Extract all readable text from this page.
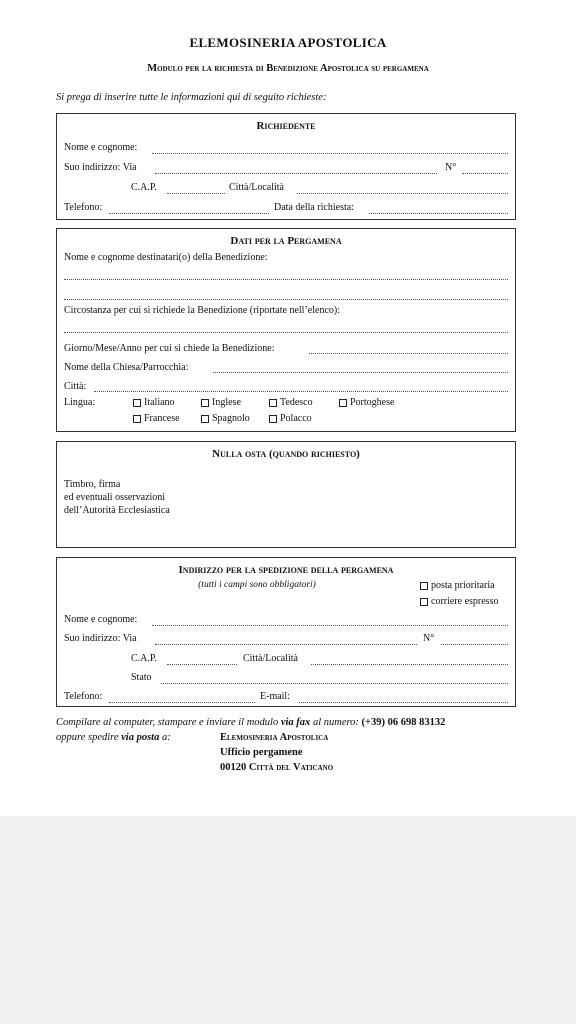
ELEMOSINERIA APOSTOLICA
Modulo per la richiesta di Benedizione Apostolica su pergamena
Si prega di inserire tutte le informazioni qui di seguito richieste:
Richiedente
Nome e cognome:
Suo indirizzo: Via	N°
C.A.P.	Città/Località
Telefono:	Data della richiesta:
Dati per la Pergamena
Nome e cognome destinatari(o) della Benedizione:
Circostanza per cui si richiede la Benedizione (riportate nell’elenco):
Giorno/Mese/Anno per cui si chiede la Benedizione:
Nome della Chiesa/Parrocchia:
Città:
Lingua:	Italiano	Inglese	Tedesco	Portoghese
Francese	Spagnolo	Polacco
Nulla osta (quando richiesto)
Timbro, firma
ed eventuali osservazioni
dell’Autorità Ecclesiastica
Indirizzo per la spedizione della pergamena
(tutti i campi sono obbligatori)	posta prioritaria
corriere espresso
Nome e cognome:
Suo indirizzo: Via	N°
C.A.P.	Città/Località
Stato
Telefono:	E-mail:
Compilare al computer, stampare e inviare il modulo via fax al numero: (+39) 06 698 83132
oppure spedire via posta a:	Elemosineria Apostolica
Ufficio pergamene
00120 Città del Vaticano
